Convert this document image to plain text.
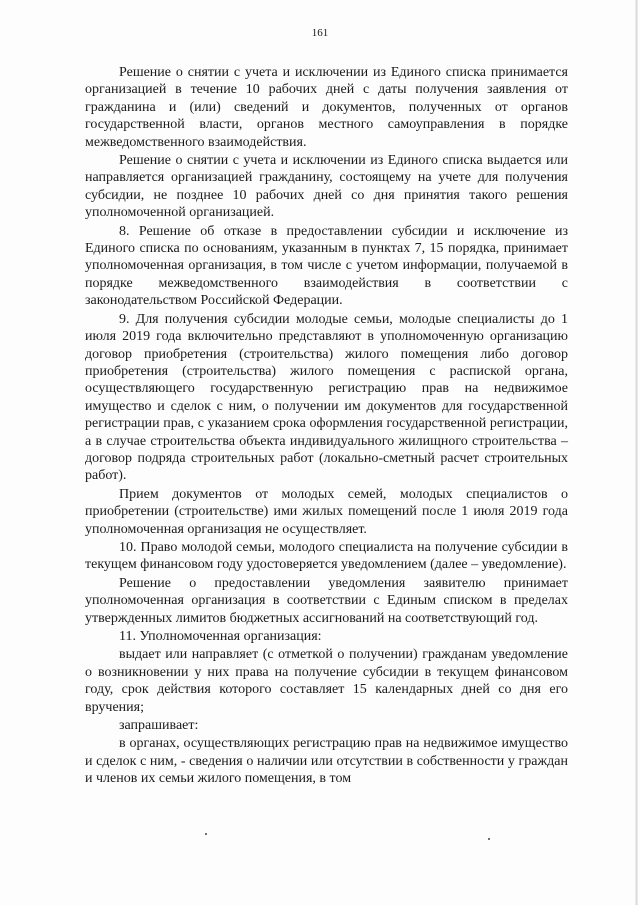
161

Решение о снятии с учета и исключении из Единого списка принимается организацией в течение 10 рабочих дней с даты получения заявления от гражданина и (или) сведений и документов, полученных от органов государственной власти, органов местного самоуправления в порядке межведомственного взаимодействия.

Решение о снятии с учета и исключении из Единого списка выдается или направляется организацией гражданину, состоящему на учете для получения субсидии, не позднее 10 рабочих дней со дня принятия такого решения уполномоченной организацией.

8. Решение об отказе в предоставлении субсидии и исключение из Единого списка по основаниям, указанным в пунктах 7, 15 порядка, принимает уполномоченная организация, в том числе с учетом информации, получаемой в порядке межведомственного взаимодействия в соответствии с законодательством Российской Федерации.

9. Для получения субсидии молодые семьи, молодые специалисты до 1 июля 2019 года включительно представляют в уполномоченную организацию договор приобретения (строительства) жилого помещения либо договор приобретения (строительства) жилого помещения с распиской органа, осуществляющего государственную регистрацию прав на недвижимое имущество и сделок с ним, о получении им документов для государственной регистрации прав, с указанием срока оформления государственной регистрации, а в случае строительства объекта индивидуального жилищного строительства – договор подряда строительных работ (локально-сметный расчет строительных работ).

Прием документов от молодых семей, молодых специалистов о приобретении (строительстве) ими жилых помещений после 1 июля 2019 года уполномоченная организация не осуществляет.

10. Право молодой семьи, молодого специалиста на получение субсидии в текущем финансовом году удостоверяется уведомлением (далее – уведомление).

Решение о предоставлении уведомления заявителю принимает уполномоченная организация в соответствии с Единым списком в пределах утвержденных лимитов бюджетных ассигнований на соответствующий год.

11. Уполномоченная организация:

выдает или направляет (с отметкой о получении) гражданам уведомление о возникновении у них права на получение субсидии в текущем финансовом году, срок действия которого составляет 15 календарных дней со дня его вручения;

запрашивает:

в органах, осуществляющих регистрацию прав на недвижимое имущество и сделок с ним, - сведения о наличии или отсутствии в собственности у граждан и членов их семьи жилого помещения, в том
